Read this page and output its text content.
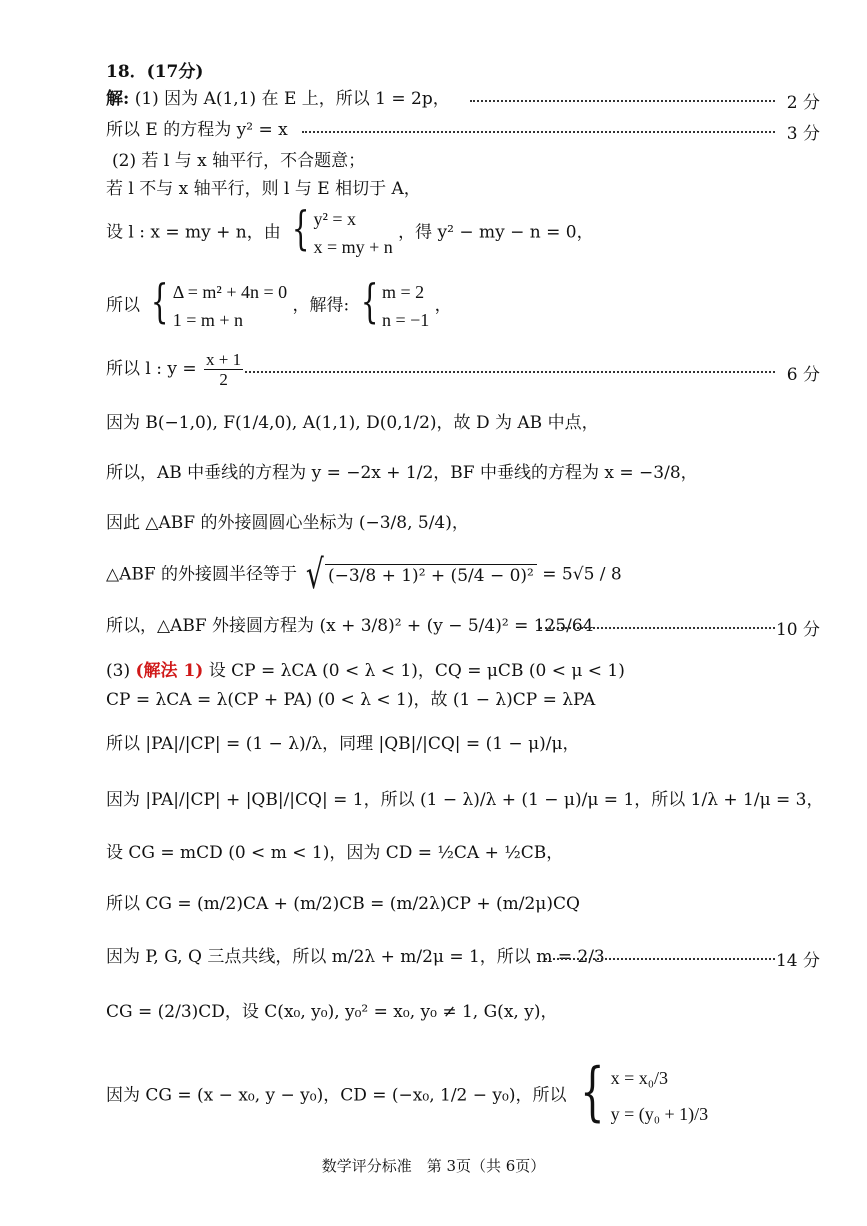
18．(17分)
解: (1) 因为 A(1,1) 在 E 上，所以 1 = 2p，	2 分
所以 E 的方程为 y² = x	3 分
(2) 若 l 与 x 轴平行，不合题意；
若 l 不与 x 轴平行，则 l 与 E 相切于 A，
设 l : x = my + n，由 { y² = x
x = my + n
，得 y² − my − n = 0，
所以 { Δ = m² + 4n = 0
1 = m + n
，解得: { m = 2
n = −1
，
所以 l : $y = \frac{x + 1}{2}$	6 分
因为 B(−1,0), F(1/4,0), A(1,1), D(0,1/2)，故 D 为 AB 中点，
所以，AB 中垂线的方程为 y = −2x + 1/2，BF 中垂线的方程为 x = −3/8，
因此 △ABF 的外接圆圆心坐标为 (−3/8, 5/4)，
△ABF 的外接圆半径等于 √ (−3/8 + 1)² + (5/4 − 0)² = 5√5 / 8
所以，△ABF 外接圆方程为 (x + 3/8)² + (y − 5/4)² = 125/64	10 分
(3) (解法 1) 设 CP = λCA (0 < λ < 1)，CQ = μCB (0 < μ < 1)
CP = λCA = λ(CP + PA) (0 < λ < 1)，故 (1 − λ)CP = λPA
所以 |PA|/|CP| = (1 − λ)/λ，同理 |QB|/|CQ| = (1 − μ)/μ，
因为 |PA|/|CP| + |QB|/|CQ| = 1，所以 (1 − λ)/λ + (1 − μ)/μ = 1，所以 1/λ + 1/μ = 3，
设 CG = mCD (0 < m < 1)，因为 CD = ½CA + ½CB，
所以 CG = (m/2)CA + (m/2)CB = (m/2λ)CP + (m/2μ)CQ
因为 P, G, Q 三点共线，所以 m/2λ + m/2μ = 1，所以 m = 2/3	14 分
CG = (2/3)CD，设 C(x₀, y₀), y₀² = x₀, y₀ ≠ 1, G(x, y)，
因为 CG = (x − x₀, y − y₀)，CD = (−x₀, 1/2 − y₀)，所以 { x = x₀/3
y = (y₀ + 1)/3
数学评分标准　第 3页（共 6页）
